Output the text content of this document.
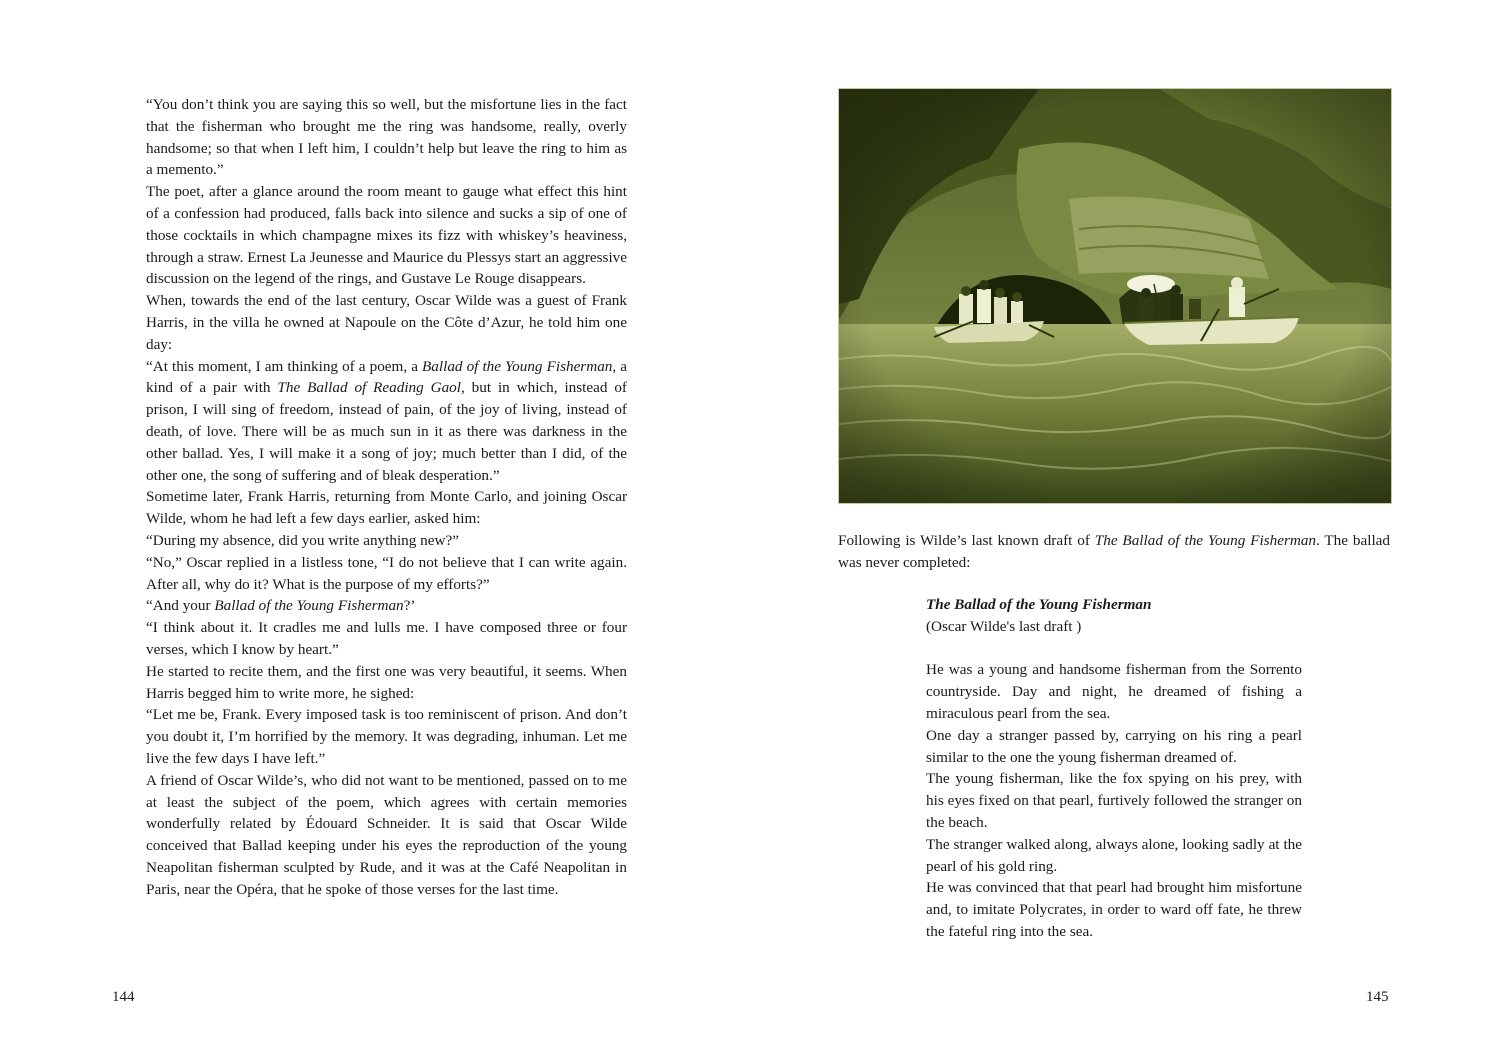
“You don’t think you are saying this so well, but the misfortune lies in the fact that the fisherman who brought me the ring was handsome, really, overly handsome; so that when I left him, I couldn’t help but leave the ring to him as a memento.”

The poet, after a glance around the room meant to gauge what effect this hint of a confession had produced, falls back into silence and sucks a sip of one of those cocktails in which champagne mixes its fizz with whiskey’s heaviness, through a straw. Ernest La Jeunesse and Maurice du Plessys start an aggressive discussion on the legend of the rings, and Gustave Le Rouge disappears.

When, towards the end of the last century, Oscar Wilde was a guest of Frank Harris, in the villa he owned at Napoule on the Côte d’Azur, he told him one day:

“At this moment, I am thinking of a poem, a Ballad of the Young Fisherman, a kind of a pair with The Ballad of Reading Gaol, but in which, instead of prison, I will sing of freedom, instead of pain, of the joy of living, instead of death, of love. There will be as much sun in it as there was darkness in the other ballad. Yes, I will make it a song of joy; much better than I did, of the other one, the song of suffering and of bleak desperation.”

Sometime later, Frank Harris, returning from Monte Carlo, and joining Oscar Wilde, whom he had left a few days earlier, asked him:

“During my absence, did you write anything new?”

“No,” Oscar replied in a listless tone, “I do not believe that I can write again. After all, why do it? What is the purpose of my efforts?”

“And your Ballad of the Young Fisherman?’

“I think about it. It cradles me and lulls me. I have composed three or four verses, which I know by heart.”

He started to recite them, and the first one was very beautiful, it seems. When Harris begged him to write more, he sighed:

“Let me be, Frank. Every imposed task is too reminiscent of prison. And don’t you doubt it, I’m horrified by the memory. It was degrading, inhuman. Let me live the few days I have left.”

A friend of Oscar Wilde’s, who did not want to be mentioned, passed on to me at least the subject of the poem, which agrees with certain memories wonderfully related by Édouard Schneider. It is said that Oscar Wilde conceived that Ballad keeping under his eyes the reproduction of the young Neapolitan fisherman sculpted by Rude, and it was at the Café Neapolitan in Paris, near the Opéra, that he spoke of those verses for the last time.

144
Following is Wilde’s last known draft of The Ballad of the Young Fisherman. The ballad was never completed:

The Ballad of the Young Fisherman

(Oscar Wilde's last draft )

He was a young and handsome fisherman from the Sorrento countryside. Day and night, he dreamed of fishing a miraculous pearl from the sea.

One day a stranger passed by, carrying on his ring a pearl similar to the one the young fisherman dreamed of.

The young fisherman, like the fox spying on his prey, with his eyes fixed on that pearl, furtively followed the stranger on the beach.

The stranger walked along, always alone, looking sadly at the pearl of his gold ring.

He was convinced that that pearl had brought him misfortune and, to imitate Polycrates, in order to ward off fate, he threw the fateful ring into the sea.

145
